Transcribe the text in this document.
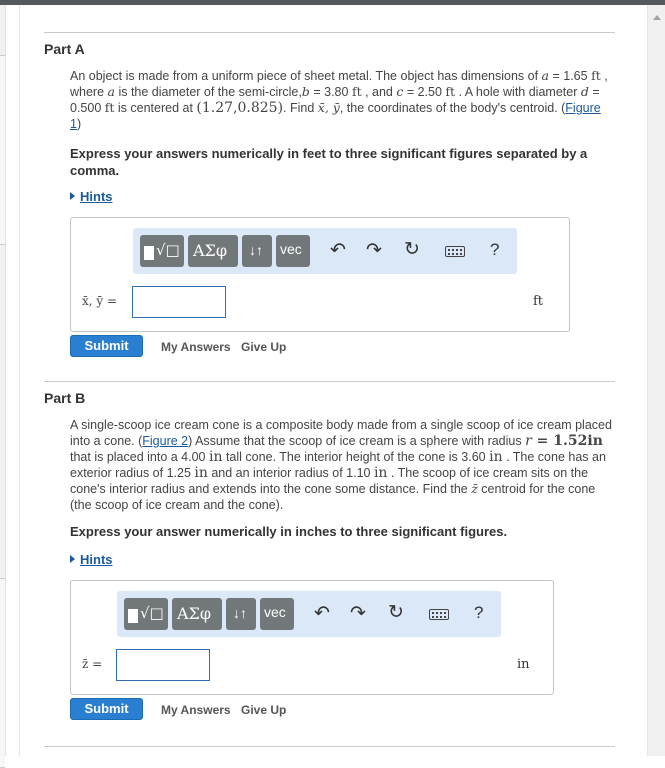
Part A
An object is made from a uniform piece of sheet metal. The object has dimensions of a = 1.65 ft , where a is the diameter of the semi-circle,b = 3.80 ft , and c = 2.50 ft . A hole with diameter d = 0.500 ft is centered at (1.27,0.825). Find x̄, ȳ, the coordinates of the body's centroid. (Figure 1)
Express your answers numerically in feet to three significant figures separated by a comma.
Hints
√□ ΑΣφ ↓↑ vec ↶ ↷ ↻	?
x̄, ȳ =	ft
Submit	My Answers Give Up
Part B
A single-scoop ice cream cone is a composite body made from a single scoop of ice cream placed into a cone. (Figure 2) Assume that the scoop of ice cream is a sphere with radius r = 1.52in that is placed into a 4.00 in tall cone. The interior height of the cone is 3.60 in . The cone has an exterior radius of 1.25 in and an interior radius of 1.10 in . The scoop of ice cream sits on the cone's interior radius and extends into the cone some distance. Find the z̄ centroid for the cone (the scoop of ice cream and the cone).
Express your answer numerically in inches to three significant figures.
Hints
√□ ΑΣφ ↓↑ vec ↶ ↷ ↻	?
z̄ =	in
Submit	My Answers Give Up
